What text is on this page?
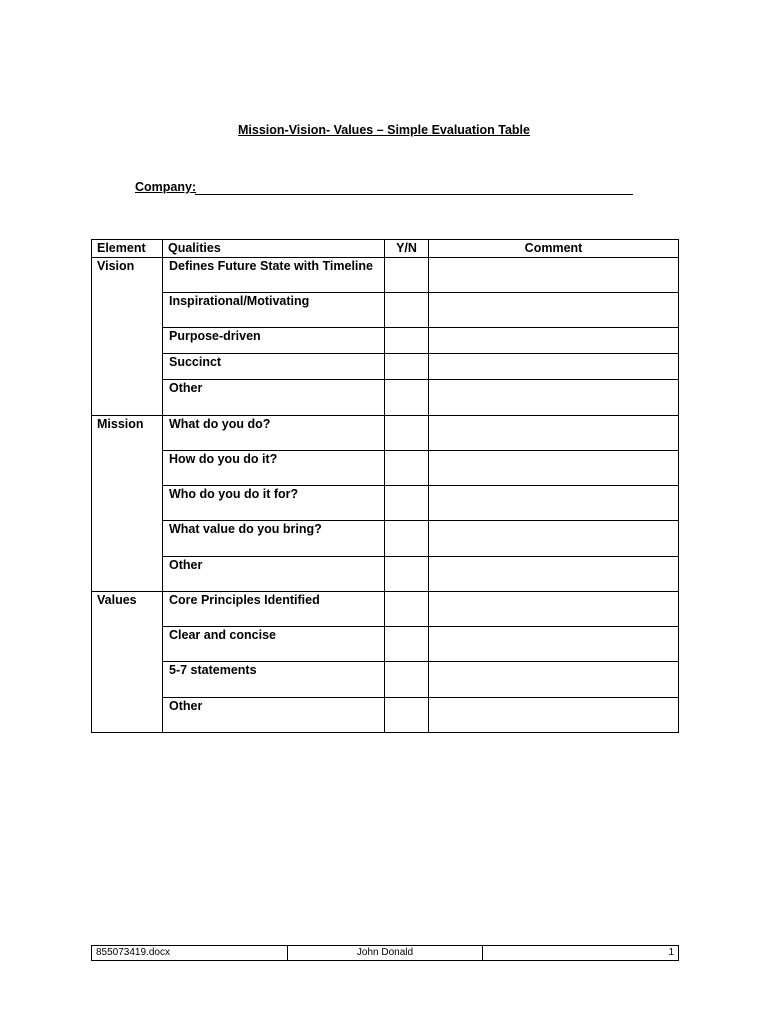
Mission-Vision- Values – Simple Evaluation Table
Company:
Element	Qualities	Y/N	Comment
Vision	Defines Future State with Timeline		
	Inspirational/Motivating		
	Purpose-driven		
	Succinct		
	Other		
Mission	What do you do?		
	How do you do it?		
	Who do you do it for?		
	What value do you bring?		
	Other		
Values	Core Principles Identified		
	Clear and concise		
	5-7 statements		
	Other		
855073419.docx	John Donald	1
